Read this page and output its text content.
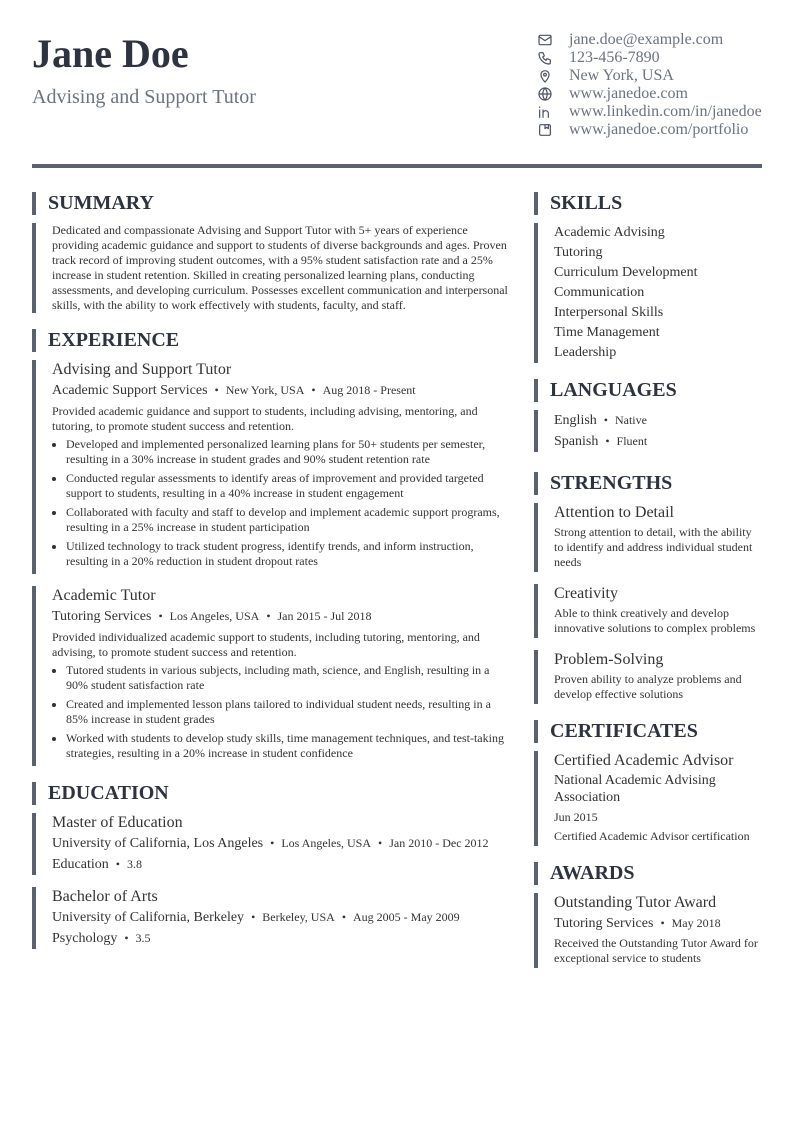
Jane Doe
Advising and Support Tutor
jane.doe@example.com
123-456-7890
New York, USA
www.janedoe.com
www.linkedin.com/in/janedoe
www.janedoe.com/portfolio
SUMMARY
Dedicated and compassionate Advising and Support Tutor with 5+ years of experience providing academic guidance and support to students of diverse backgrounds and ages. Proven track record of improving student outcomes, with a 95% student satisfaction rate and a 25% increase in student retention. Skilled in creating personalized learning plans, conducting assessments, and developing curriculum. Possesses excellent communication and interpersonal skills, with the ability to work effectively with students, faculty, and staff.
EXPERIENCE
Advising and Support Tutor
Academic Support Services • New York, USA • Aug 2018 - Present
Provided academic guidance and support to students, including advising, mentoring, and tutoring, to promote student success and retention.
• Developed and implemented personalized learning plans for 50+ students per semester, resulting in a 30% increase in student grades and 90% student retention rate
• Conducted regular assessments to identify areas of improvement and provided targeted support to students, resulting in a 40% increase in student engagement
• Collaborated with faculty and staff to develop and implement academic support programs, resulting in a 25% increase in student participation
• Utilized technology to track student progress, identify trends, and inform instruction, resulting in a 20% reduction in student dropout rates
Academic Tutor
Tutoring Services • Los Angeles, USA • Jan 2015 - Jul 2018
Provided individualized academic support to students, including tutoring, mentoring, and advising, to promote student success and retention.
• Tutored students in various subjects, including math, science, and English, resulting in a 90% student satisfaction rate
• Created and implemented lesson plans tailored to individual student needs, resulting in a 85% increase in student grades
• Worked with students to develop study skills, time management techniques, and test-taking strategies, resulting in a 20% increase in student confidence
EDUCATION
Master of Education
University of California, Los Angeles • Los Angeles, USA • Jan 2010 - Dec 2012
Education • 3.8
Bachelor of Arts
University of California, Berkeley • Berkeley, USA • Aug 2005 - May 2009
Psychology • 3.5
SKILLS
Academic Advising
Tutoring
Curriculum Development
Communication
Interpersonal Skills
Time Management
Leadership
LANGUAGES
English • Native
Spanish • Fluent
STRENGTHS
Attention to Detail
Strong attention to detail, with the ability to identify and address individual student needs
Creativity
Able to think creatively and develop innovative solutions to complex problems
Problem-Solving
Proven ability to analyze problems and develop effective solutions
CERTIFICATES
Certified Academic Advisor
National Academic Advising Association
Jun 2015
Certified Academic Advisor certification
AWARDS
Outstanding Tutor Award
Tutoring Services • May 2018
Received the Outstanding Tutor Award for exceptional service to students
